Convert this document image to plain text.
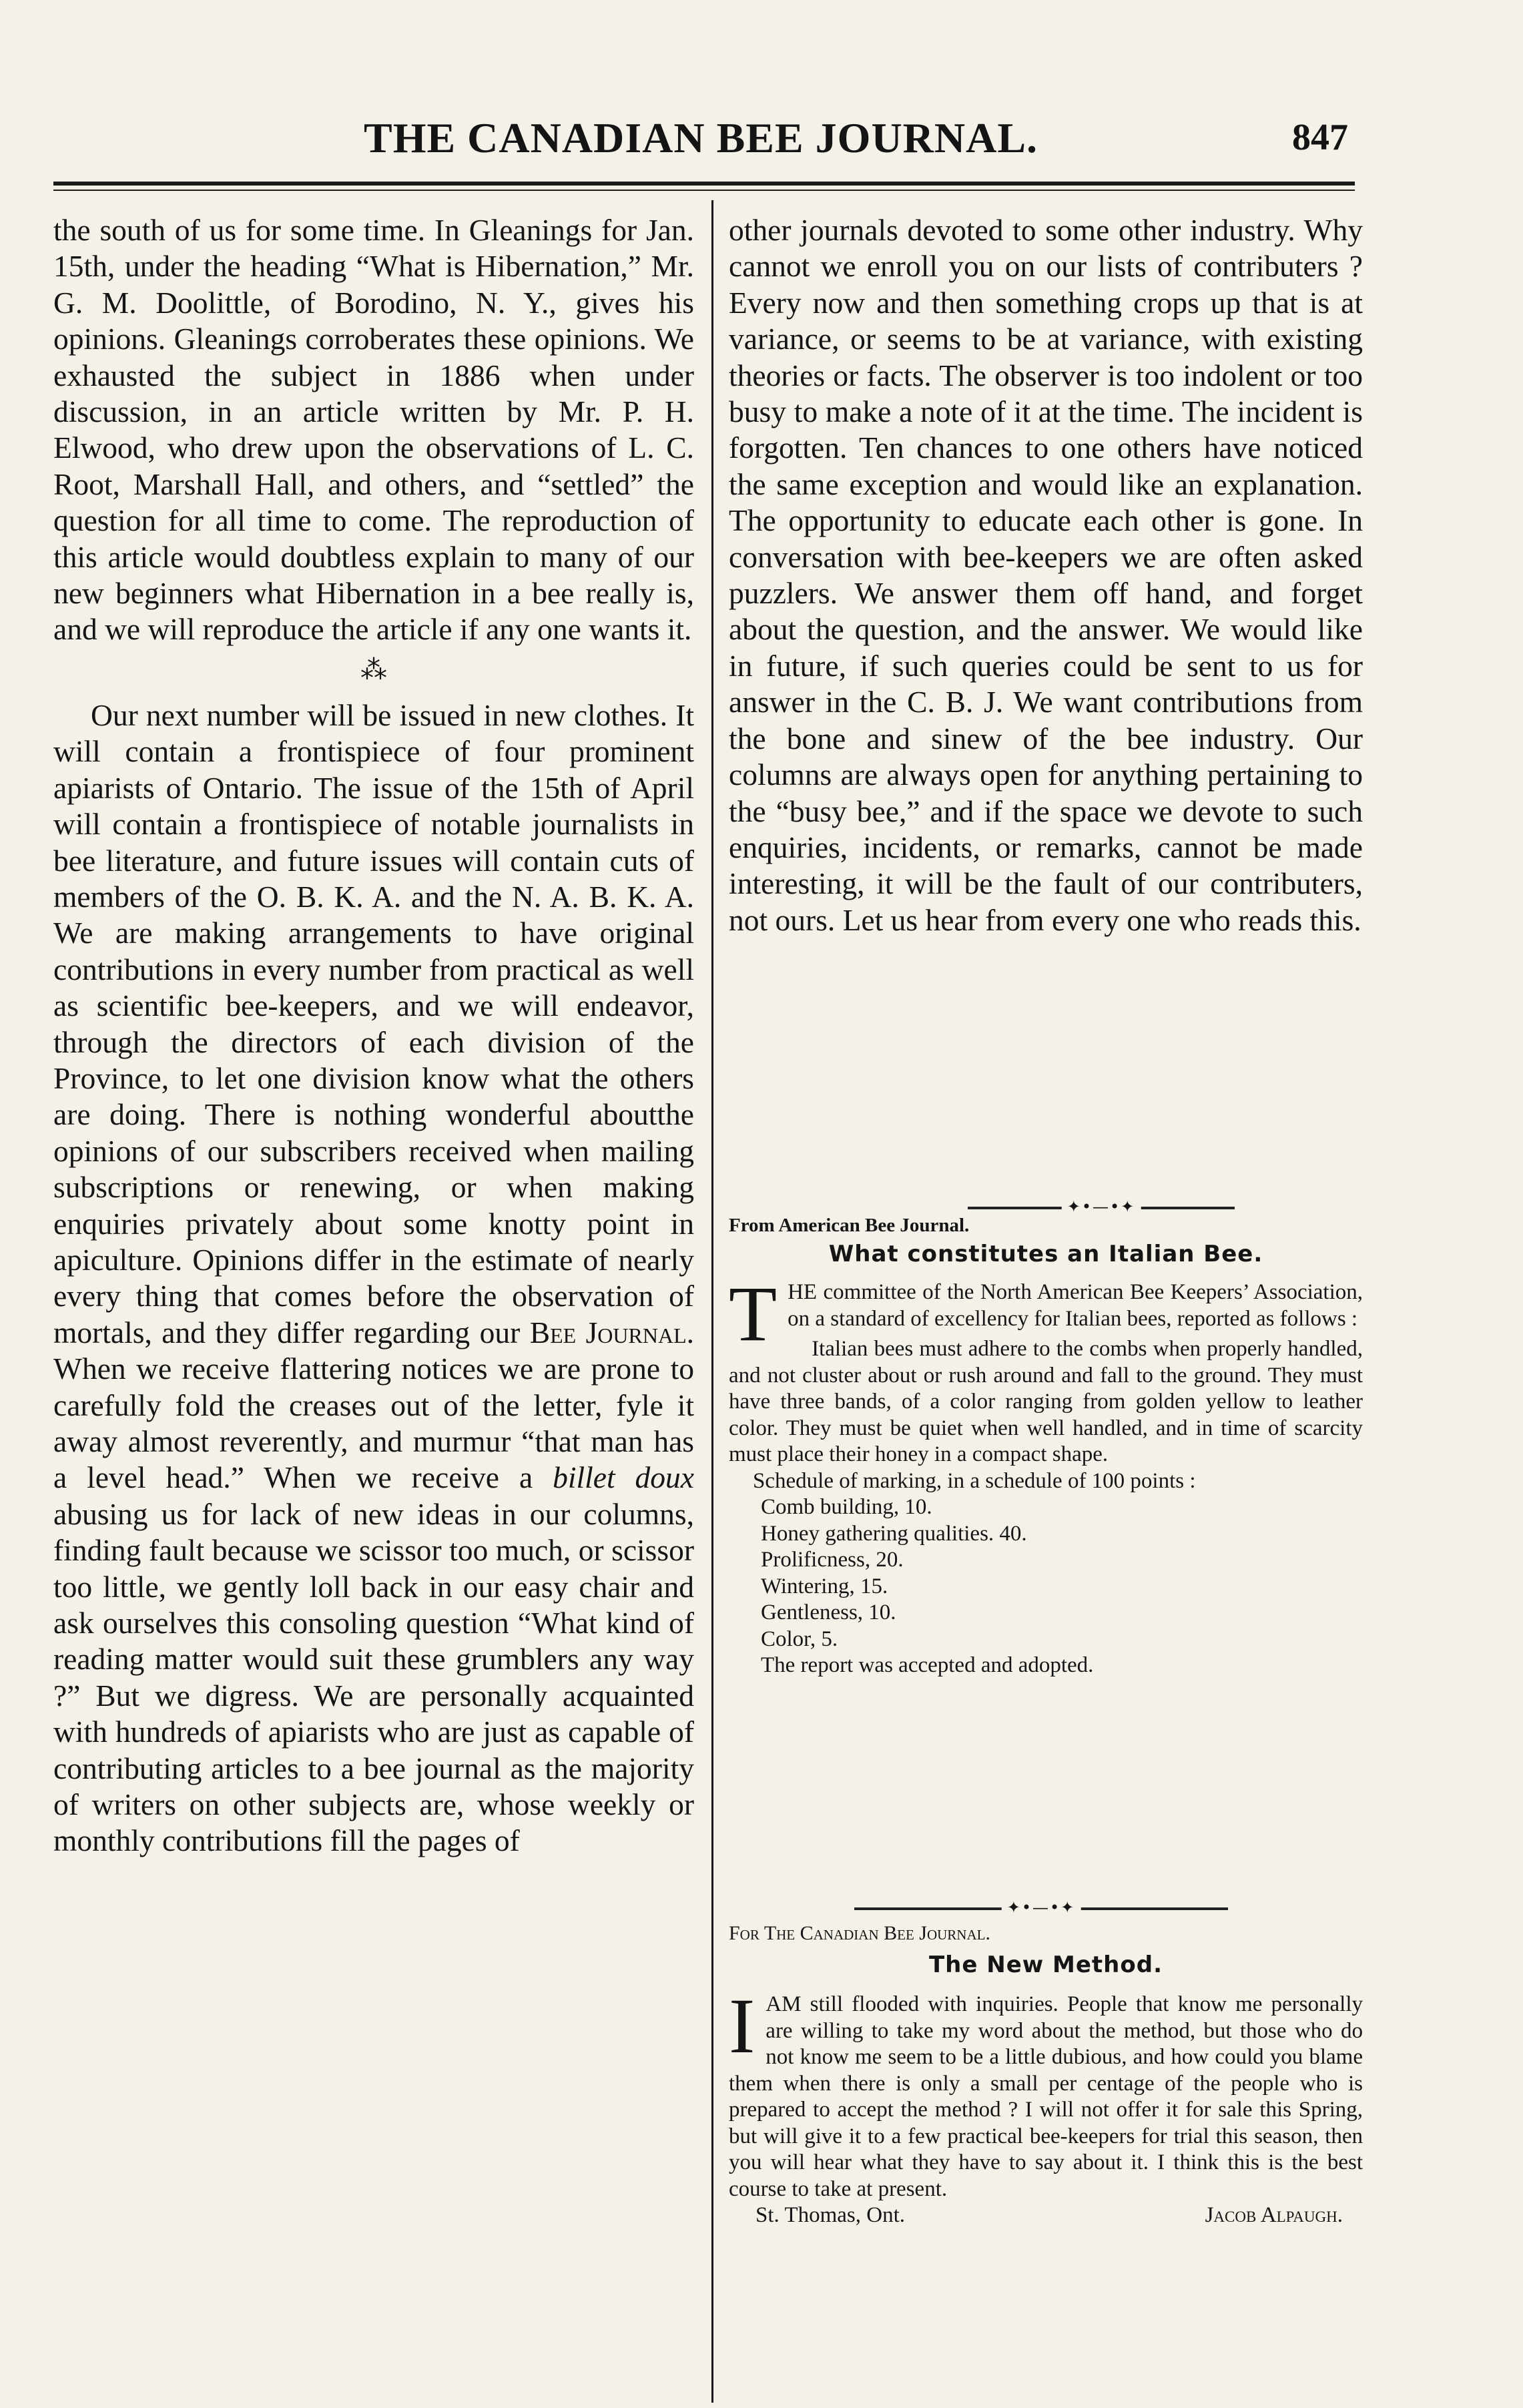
THE CANADIAN BEE JOURNAL.	847

the south of us for some time. In Gleanings for Jan. 15th, under the heading “What is Hibernation,” Mr. G. M. Doolittle, of Borodino, N. Y., gives his opinions. Gleanings corroberates these opinions. We exhausted the subject in 1886 when under discussion, in an article written by Mr. P. H. Elwood, who drew upon the observations of L. C. Root, Marshall Hall, and others, and “settled” the question for all time to come. The reproduction of this article would doubtless explain to many of our new beginners what Hibernation in a bee really is, and we will reproduce the article if any one wants it.

⁂

Our next number will be issued in new clothes. It will contain a frontispiece of four prominent apiarists of Ontario. The issue of the 15th of April will contain a frontispiece of notable journalists in bee literature, and future issues will contain cuts of members of the O. B. K. A. and the N. A. B. K. A. We are making arrangements to have original contributions in every number from practical as well as scientific bee-keepers, and we will endeavor, through the directors of each division of the Province, to let one division know what the others are doing. There is nothing wonderful aboutthe opinions of our subscribers received when mailing subscriptions or renewing, or when making enquiries privately about some knotty point in apiculture. Opinions differ in the estimate of nearly every thing that comes before the observation of mortals, and they differ regarding our Bee Journal. When we receive flattering notices we are prone to carefully fold the creases out of the letter, fyle it away almost reverently, and murmur “that man has a level head.” When we receive a billet doux abusing us for lack of new ideas in our columns, finding fault because we scissor too much, or scissor too little, we gently loll back in our easy chair and ask ourselves this consoling question “What kind of reading matter would suit these grumblers any way ?” But we digress. We are personally acquainted with hundreds of apiarists who are just as capable of contributing articles to a bee journal as the majority of writers on other subjects are, whose weekly or monthly contributions fill the pages of

other journals devoted to some other industry. Why cannot we enroll you on our lists of contributers ? Every now and then something crops up that is at variance, or seems to be at variance, with existing theories or facts. The observer is too indolent or too busy to make a note of it at the time. The incident is forgotten. Ten chances to one others have noticed the same exception and would like an explanation. The opportunity to educate each other is gone. In conversation with bee-keepers we are often asked puzzlers. We answer them off hand, and forget about the question, and the answer. We would like in future, if such queries could be sent to us for answer in the C. B. J. We want contributions from the bone and sinew of the bee industry. Our columns are always open for anything pertaining to the “busy bee,” and if the space we devote to such enquiries, incidents, or remarks, cannot be made interesting, it will be the fault of our contributers, not ours. Let us hear from every one who reads this.

✦•—•✦
From American Bee Journal.
What constitutes an Italian Bee.

THE committee of the North American Bee Keepers’ Association, on a standard of excellency for Italian bees, reported as follows :

Italian bees must adhere to the combs when properly handled, and not cluster about or rush around and fall to the ground. They must have three bands, of a color ranging from golden yellow to leather color. They must be quiet when well handled, and in time of scarcity must place their honey in a compact shape.

Schedule of marking, in a schedule of 100 points :

Comb building, 10.
Honey gathering qualities. 40.
Prolificness, 20.
Wintering, 15.
Gentleness, 10.
Color, 5.
The report was accepted and adopted.
✦•—•✦
For The Canadian Bee Journal.
The New Method.

IAM still flooded with inquiries. People that know me personally are willing to take my word about the method, but those who do not know me seem to be a little dubious, and how could you blame them when there is only a small per centage of the people who is prepared to accept the method ? I will not offer it for sale this Spring, but will give it to a few practical bee-keepers for trial this season, then you will hear what they have to say about it. I think this is the best course to take at present.

St. Thomas, Ont.	Jacob Alpaugh.
